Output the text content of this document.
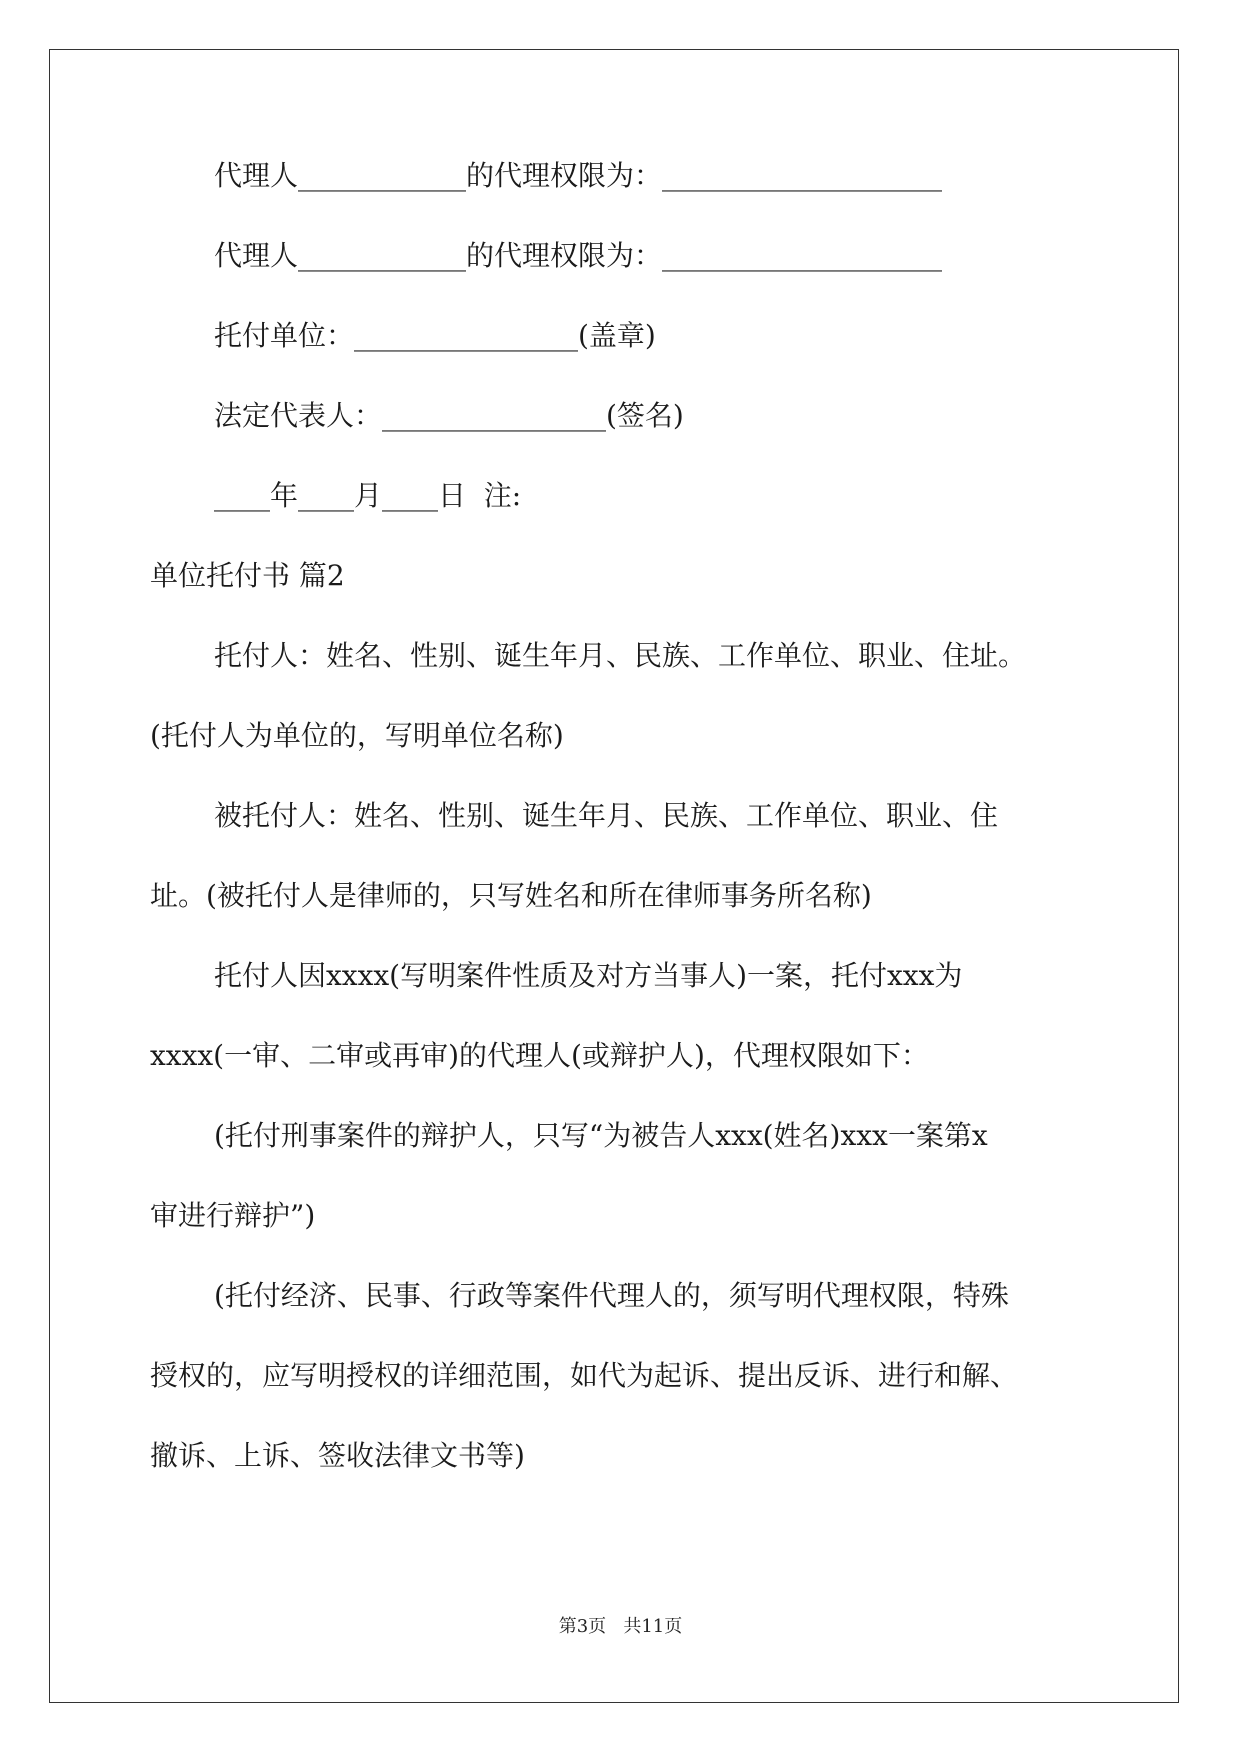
代理人____________的代理权限为：____________________
代理人____________的代理权限为：____________________
托付单位：________________(盖章)
法定代表人：________________(签名)
____年____月____日  注:
单位托付书 篇2
托付人：姓名、性别、诞生年月、民族、工作单位、职业、住址。
(托付人为单位的，写明单位名称)
被托付人：姓名、性别、诞生年月、民族、工作单位、职业、住
址。(被托付人是律师的，只写姓名和所在律师事务所名称)
托付人因xxxx(写明案件性质及对方当事人)一案，托付xxx为
xxxx(一审、二审或再审)的代理人(或辩护人)，代理权限如下：
(托付刑事案件的辩护人，只写“为被告人xxx(姓名)xxx一案第x
审进行辩护”)
(托付经济、民事、行政等案件代理人的，须写明代理权限，特殊
授权的，应写明授权的详细范围，如代为起诉、提出反诉、进行和解、
撤诉、上诉、签收法律文书等)
第3页   共11页
